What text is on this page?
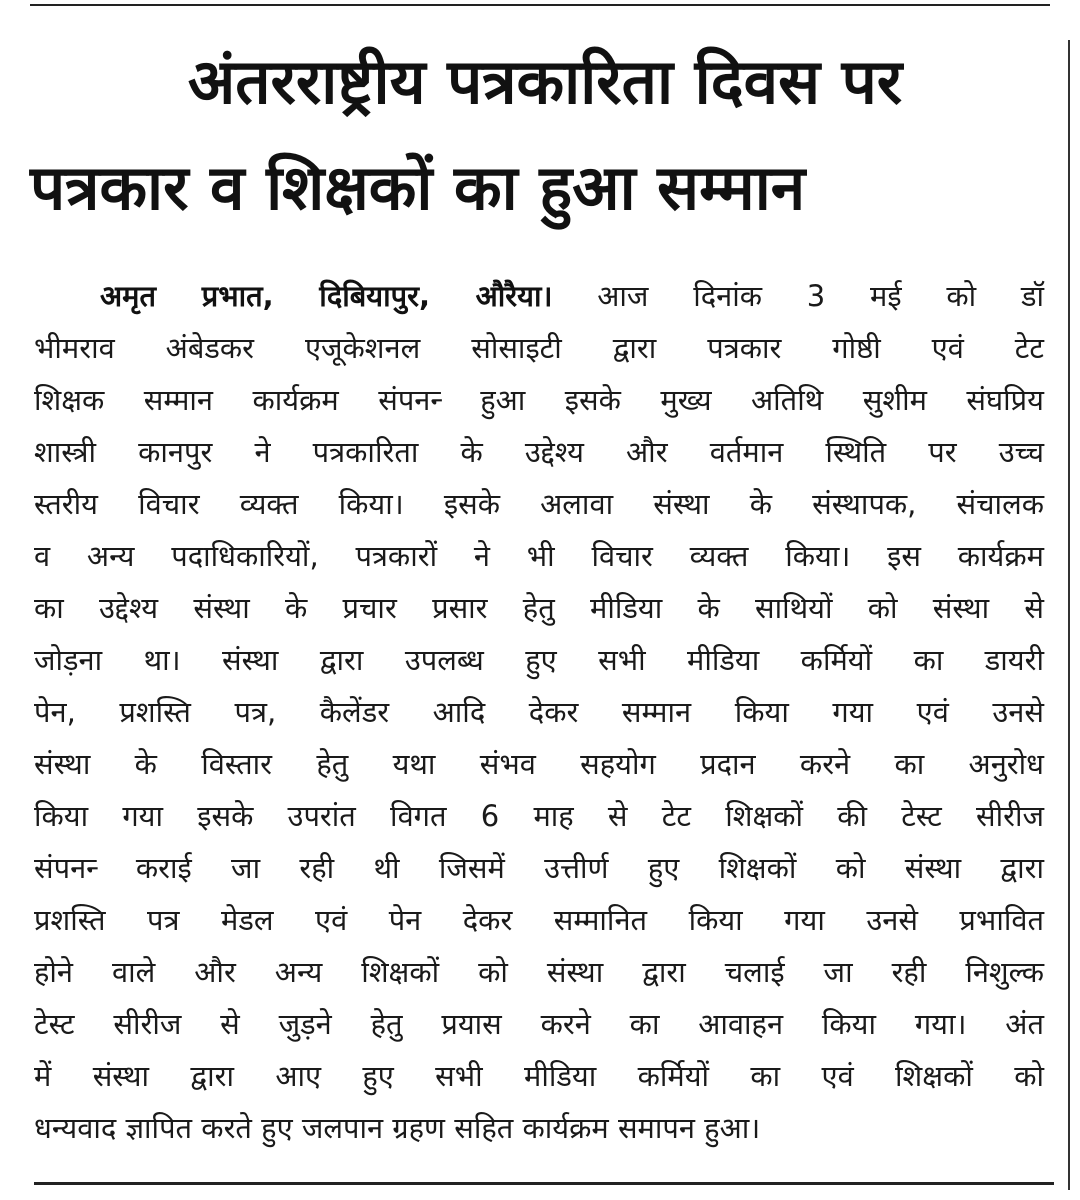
अंतरराष्ट्रीय पत्रकारिता दिवस पर
पत्रकार व शिक्षकों का हुआ सम्मान
अमृत प्रभात, दिबियापुर, औरैया। आज दिनांक 3 मई को डॉ
भीमराव अंबेडकर एजूकेशनल सोसाइटी द्वारा पत्रकार गोष्ठी एवं टेट
शिक्षक सम्मान कार्यक्रम संपनन्‍ हुआ इसके मुख्य अतिथि सुशीम संघप्रिय
शास्त्री कानपुर ने पत्रकारिता के उद्देश्य और वर्तमान स्थिति पर उच्च
स्तरीय विचार व्यक्त किया। इसके अलावा संस्था के संस्थापक, संचालक
व अन्य पदाधिकारियों, पत्रकारों ने भी विचार व्यक्त किया। इस कार्यक्रम
का उद्देश्य संस्था के प्रचार प्रसार हेतु मीडिया के साथियों को संस्था से
जोड़ना था। संस्था द्वारा उपलब्ध हुए सभी मीडिया कर्मियों का डायरी
पेन, प्रशस्ति पत्र, कैलेंडर आदि देकर सम्मान किया गया एवं उनसे
संस्था के विस्तार हेतु यथा संभव सहयोग प्रदान करने का अनुरोध
किया गया इसके उपरांत विगत 6 माह से टेट शिक्षकों की टेस्ट सीरीज
संपनन्‍ कराई जा रही थी जिसमें उत्तीर्ण हुए शिक्षकों को संस्था द्वारा
प्रशस्ति पत्र मेडल एवं पेन देकर सम्मानित किया गया उनसे प्रभावित
होने वाले और अन्य शिक्षकों को संस्था द्वारा चलाई जा रही निशुल्क
टेस्ट सीरीज से जुड़ने हेतु प्रयास करने का आवाहन किया गया। अंत
में संस्था द्वारा आए हुए सभी मीडिया कर्मियों का एवं शिक्षकों को
धन्यवाद ज्ञापित करते हुए जलपान ग्रहण सहित कार्यक्रम समापन हुआ।
